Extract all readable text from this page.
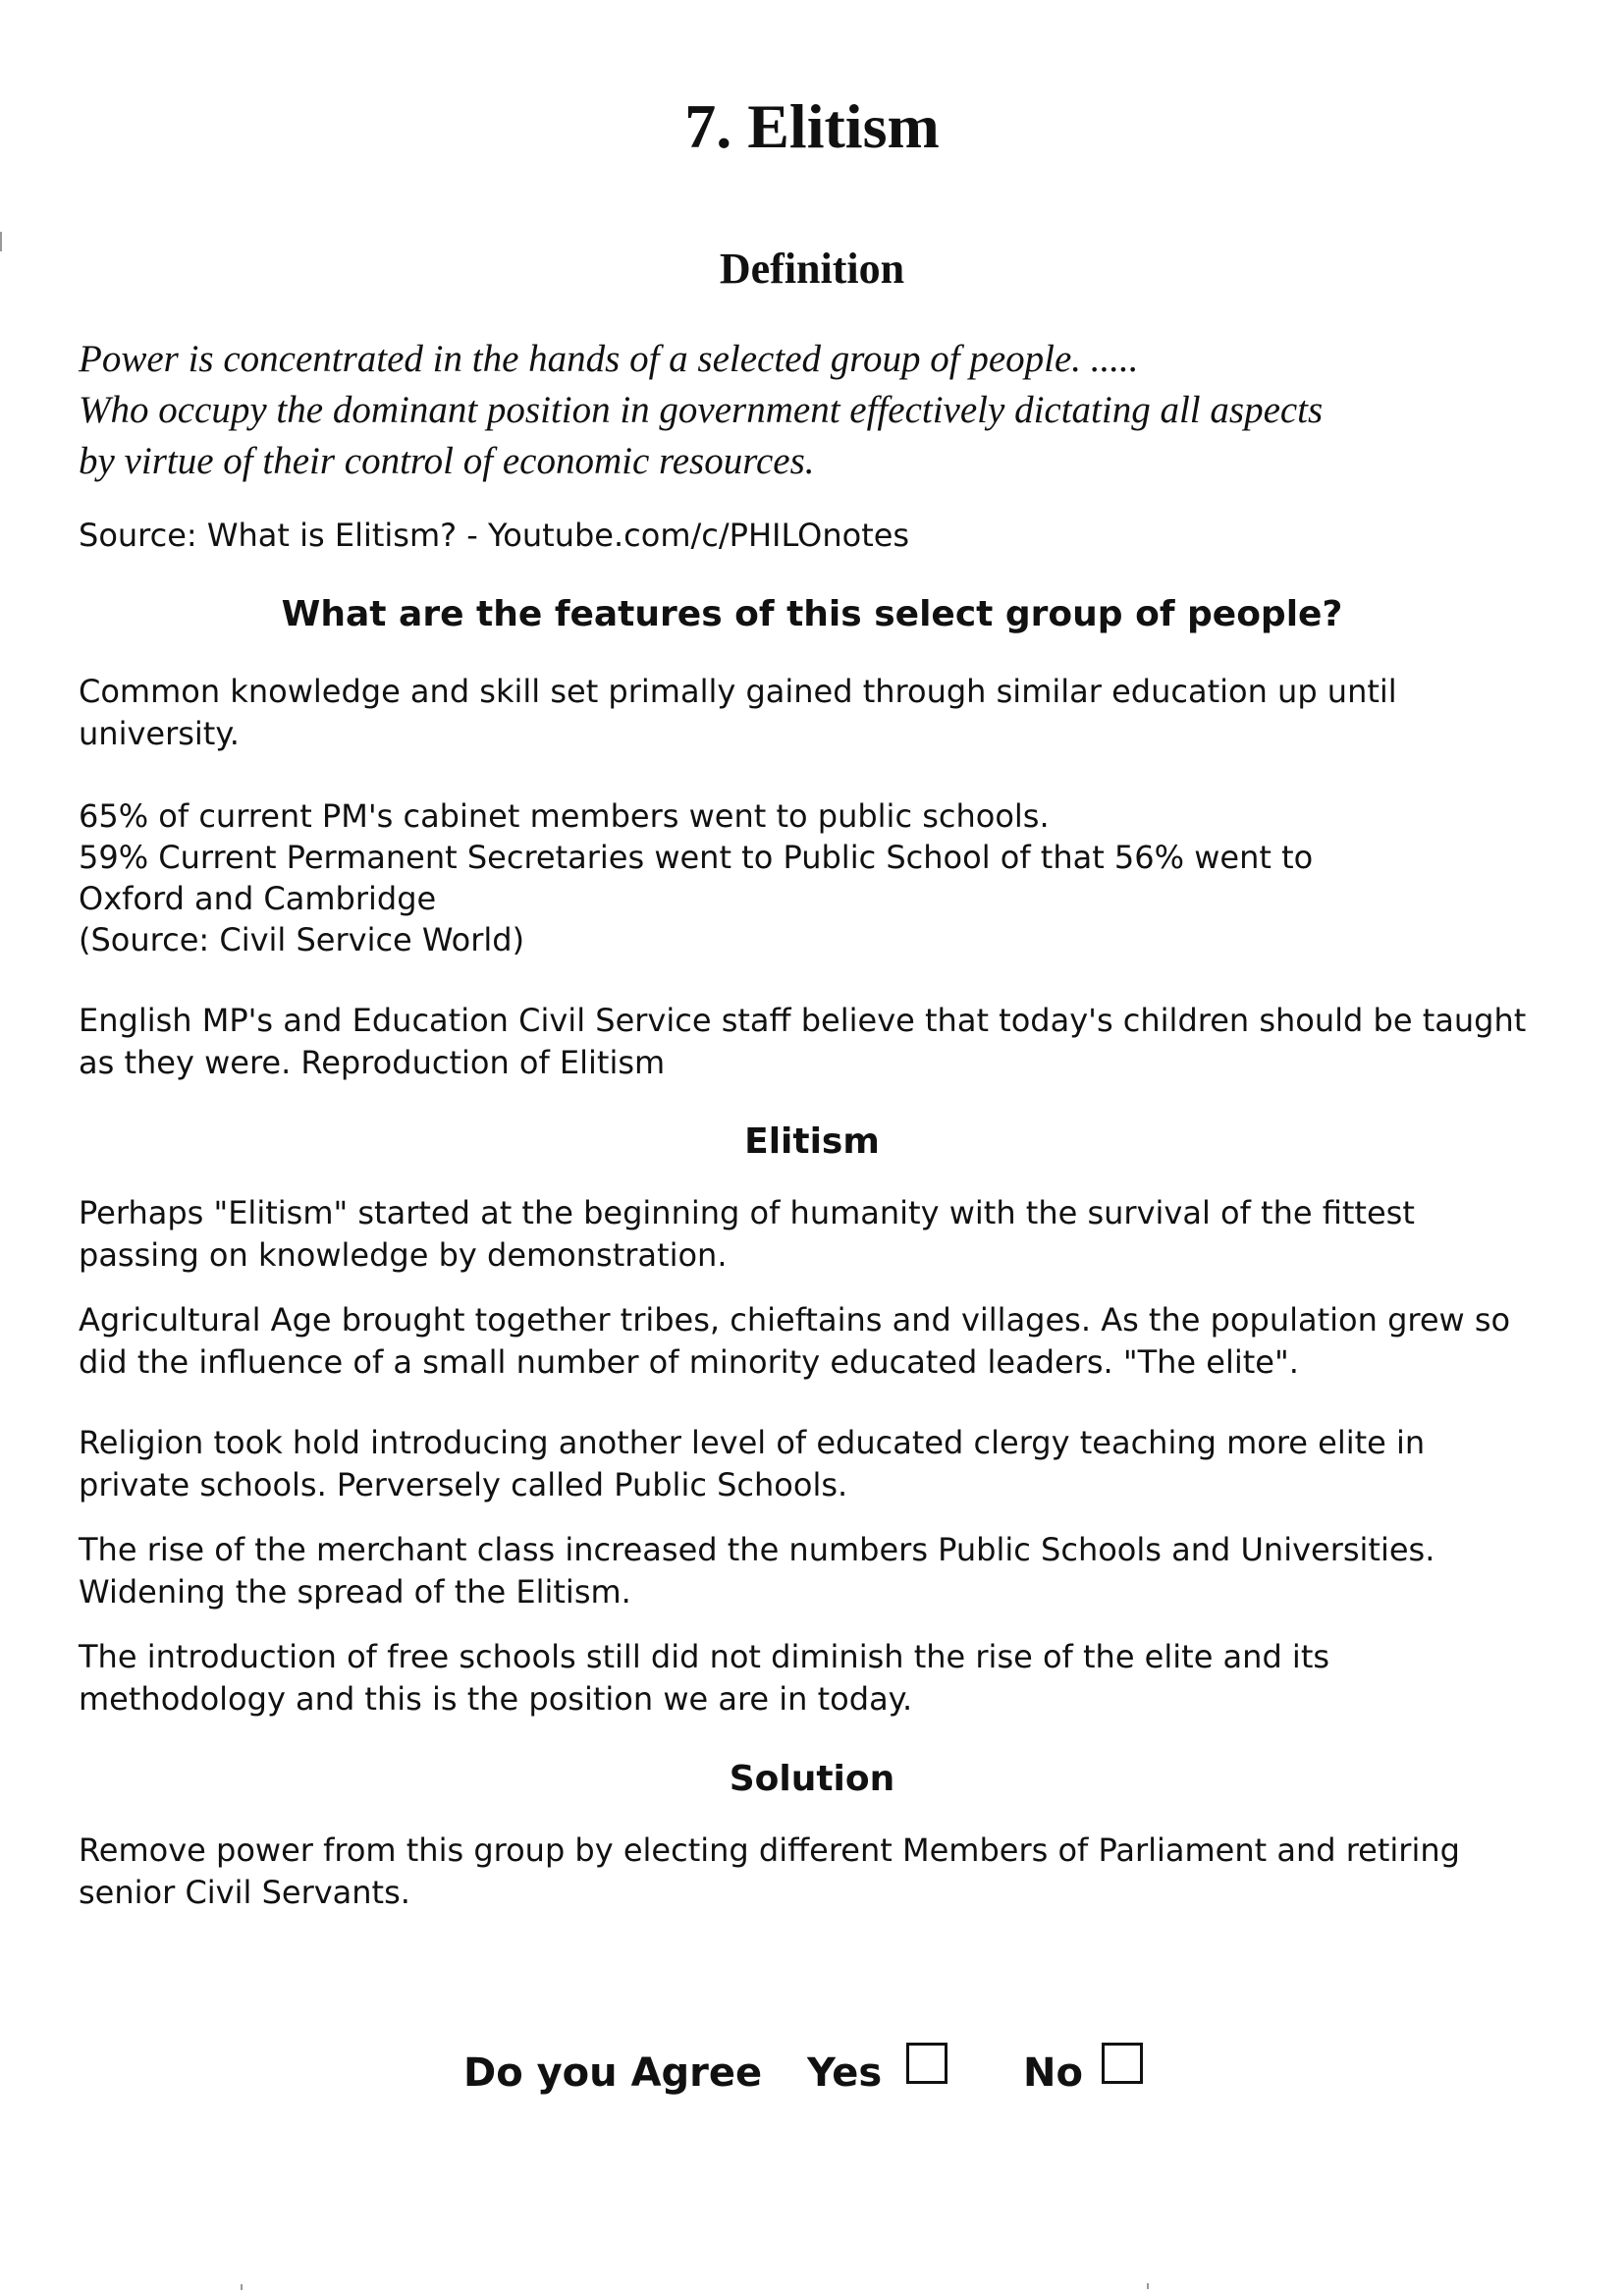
7. Elitism
Definition
Power is concentrated in the hands of a selected group of people. .....
Who occupy the dominant position in government effectively dictating all aspects
by virtue of their control of economic resources.
Source: What is Elitism? - Youtube.com/c/PHILOnotes
What are the features of this select group of people?
Common knowledge and skill set primally gained through similar education up until university.
65% of current PM's cabinet members went to public schools.
59% Current Permanent Secretaries went to Public School of that 56% went to
Oxford and Cambridge
(Source: Civil Service World)
English MP's and Education Civil Service staff believe that today's children should be taught as they were. Reproduction of Elitism
Elitism
Perhaps "Elitism" started at the beginning of humanity with the survival of the fittest passing on knowledge by demonstration.
Agricultural Age brought together tribes, chieftains and villages. As the population grew so did the influence of a small number of minority educated leaders. "The elite".
Religion took hold introducing another level of educated clergy teaching more elite in private schools. Perversely called Public Schools.
The rise of the merchant class increased the numbers Public Schools and Universities. Widening the spread of the Elitism.
The introduction of free schools still did not diminish the rise of the elite and its methodology and this is the position we are in today.
Solution
Remove power from this group by electing different Members of Parliament and retiring senior Civil Servants.
Do you Agree Yes	No
